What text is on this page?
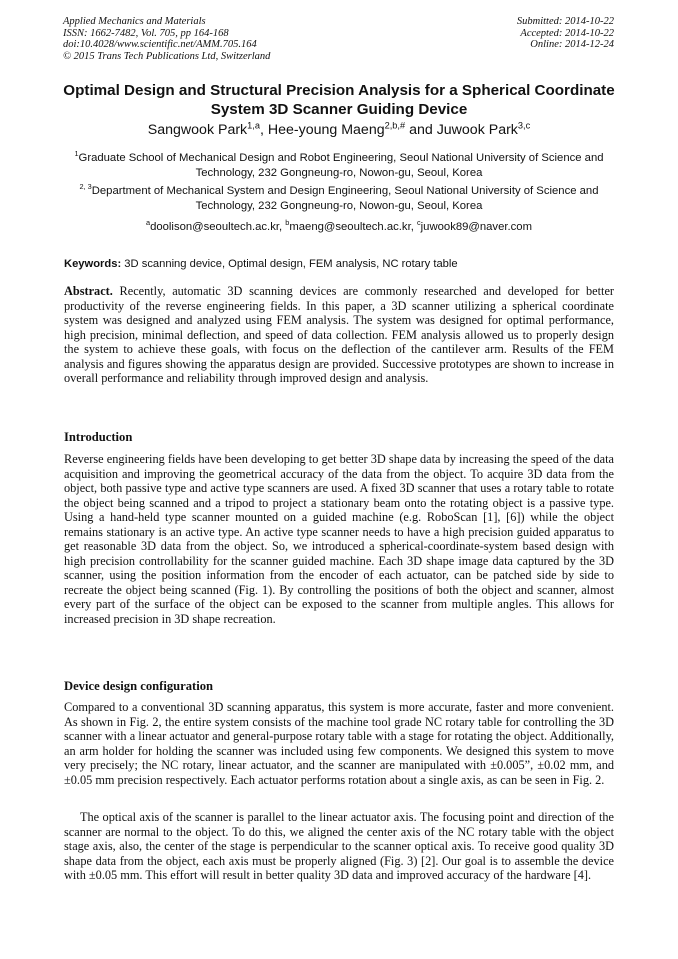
Applied Mechanics and Materials
ISSN: 1662-7482, Vol. 705, pp 164-168
doi:10.4028/www.scientific.net/AMM.705.164
© 2015 Trans Tech Publications Ltd, Switzerland
Submitted: 2014-10-22
Accepted: 2014-10-22
Online: 2014-12-24
Optimal Design and Structural Precision Analysis for a Spherical Coordinate System 3D Scanner Guiding Device
Sangwook Park$^{1,a}$, Hee-young Maeng$^{2,b,\#}$ and Juwook Park$^{3,c}$
$^1$Graduate School of Mechanical Design and Robot Engineering, Seoul National University of Science and Technology, 232 Gongneung-ro, Nowon-gu, Seoul, Korea
$^{2, 3}$Department of Mechanical System and Design Engineering, Seoul National University of Science and Technology, 232 Gongneung-ro, Nowon-gu, Seoul, Korea
$^a$doolison@seoultech.ac.kr, $^b$maeng@seoultech.ac.kr, $^c$juwook89@naver.com
Keywords: 3D scanning device, Optimal design, FEM analysis, NC rotary table
Abstract. Recently, automatic 3D scanning devices are commonly researched and developed for better productivity of the reverse engineering fields. In this paper, a 3D scanner utilizing a spherical coordinate system was designed and analyzed using FEM analysis. The system was designed for optimal performance, high precision, minimal deflection, and speed of data collection. FEM analysis allowed us to properly design the system to achieve these goals, with focus on the deflection of the cantilever arm. Results of the FEM analysis and figures showing the apparatus design are provided. Successive prototypes are shown to increase in overall performance and reliability through improved design and analysis.
Introduction
Reverse engineering fields have been developing to get better 3D shape data by increasing the speed of the data acquisition and improving the geometrical accuracy of the data from the object. To acquire 3D data from the object, both passive type and active type scanners are used. A fixed 3D scanner that uses a rotary table to rotate the object being scanned and a tripod to project a stationary beam onto the rotating object is a passive type. Using a hand-held type scanner mounted on a guided machine (e.g. RoboScan [1], [6]) while the object remains stationary is an active type. An active type scanner needs to have a high precision guided apparatus to get reasonable 3D data from the object. So, we introduced a spherical-coordinate-system based design with high precision controllability for the scanner guided machine. Each 3D shape image data captured by the 3D scanner, using the position information from the encoder of each actuator, can be patched side by side to recreate the object being scanned (Fig. 1). By controlling the positions of both the object and scanner, almost every part of the surface of the object can be exposed to the scanner from multiple angles. This allows for increased precision in 3D shape recreation.
Device design configuration
Compared to a conventional 3D scanning apparatus, this system is more accurate, faster and more convenient. As shown in Fig. 2, the entire system consists of the machine tool grade NC rotary table for controlling the 3D scanner with a linear actuator and general-purpose rotary table with a stage for rotating the object. Additionally, an arm holder for holding the scanner was included using few components. We designed this system to move very precisely; the NC rotary, linear actuator, and the scanner are manipulated with ±0.005”, ±0.02 mm, and ±0.05 mm precision respectively. Each actuator performs rotation about a single axis, as can be seen in Fig. 2.
The optical axis of the scanner is parallel to the linear actuator axis. The focusing point and direction of the scanner are normal to the object. To do this, we aligned the center axis of the NC rotary table with the object stage axis, also, the center of the stage is perpendicular to the scanner optical axis. To receive good quality 3D shape data from the object, each axis must be properly aligned (Fig. 3) [2]. Our goal is to assemble the device with ±0.05 mm. This effort will result in better quality 3D data and improved accuracy of the hardware [4].
